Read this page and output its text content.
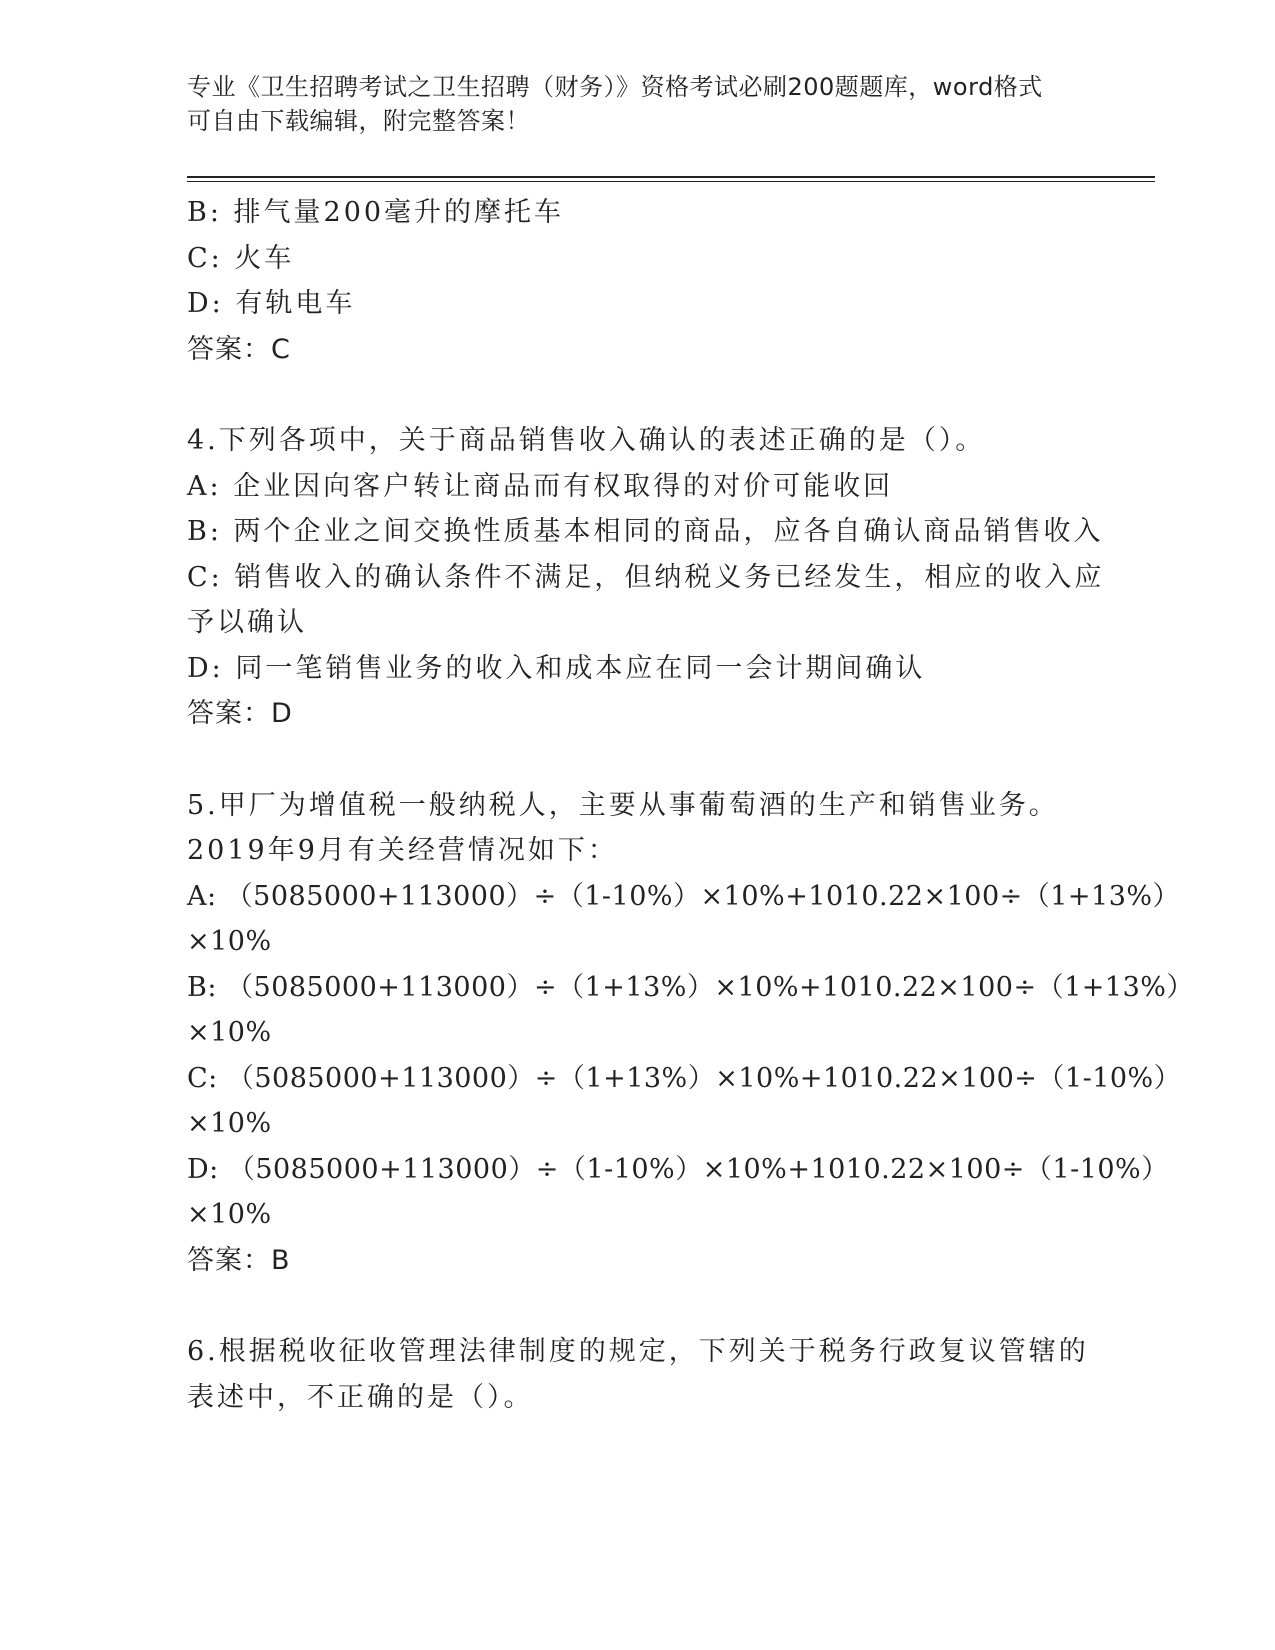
专业《卫生招聘考试之卫生招聘（财务）》资格考试必刷200题题库，word格式
可自由下载编辑，附完整答案！
B: 排气量200毫升的摩托车
C: 火车
D: 有轨电车
答案：C
4.下列各项中，关于商品销售收入确认的表述正确的是（）。
A: 企业因向客户转让商品而有权取得的对价可能收回
B: 两个企业之间交换性质基本相同的商品，应各自确认商品销售收入
C: 销售收入的确认条件不满足，但纳税义务已经发生，相应的收入应
予以确认
D: 同一笔销售业务的收入和成本应在同一会计期间确认
答案：D
5.甲厂为增值税一般纳税人，主要从事葡萄酒的生产和销售业务。
2019年9月有关经营情况如下：
A: （5085000+113000）÷（1-10%）×10%+1010.22×100÷（1+13%）
×10%
B: （5085000+113000）÷（1+13%）×10%+1010.22×100÷（1+13%）
×10%
C: （5085000+113000）÷（1+13%）×10%+1010.22×100÷（1-10%）
×10%
D: （5085000+113000）÷（1-10%）×10%+1010.22×100÷（1-10%）
×10%
答案：B
6.根据税收征收管理法律制度的规定，下列关于税务行政复议管辖的
表述中，不正确的是（）。
